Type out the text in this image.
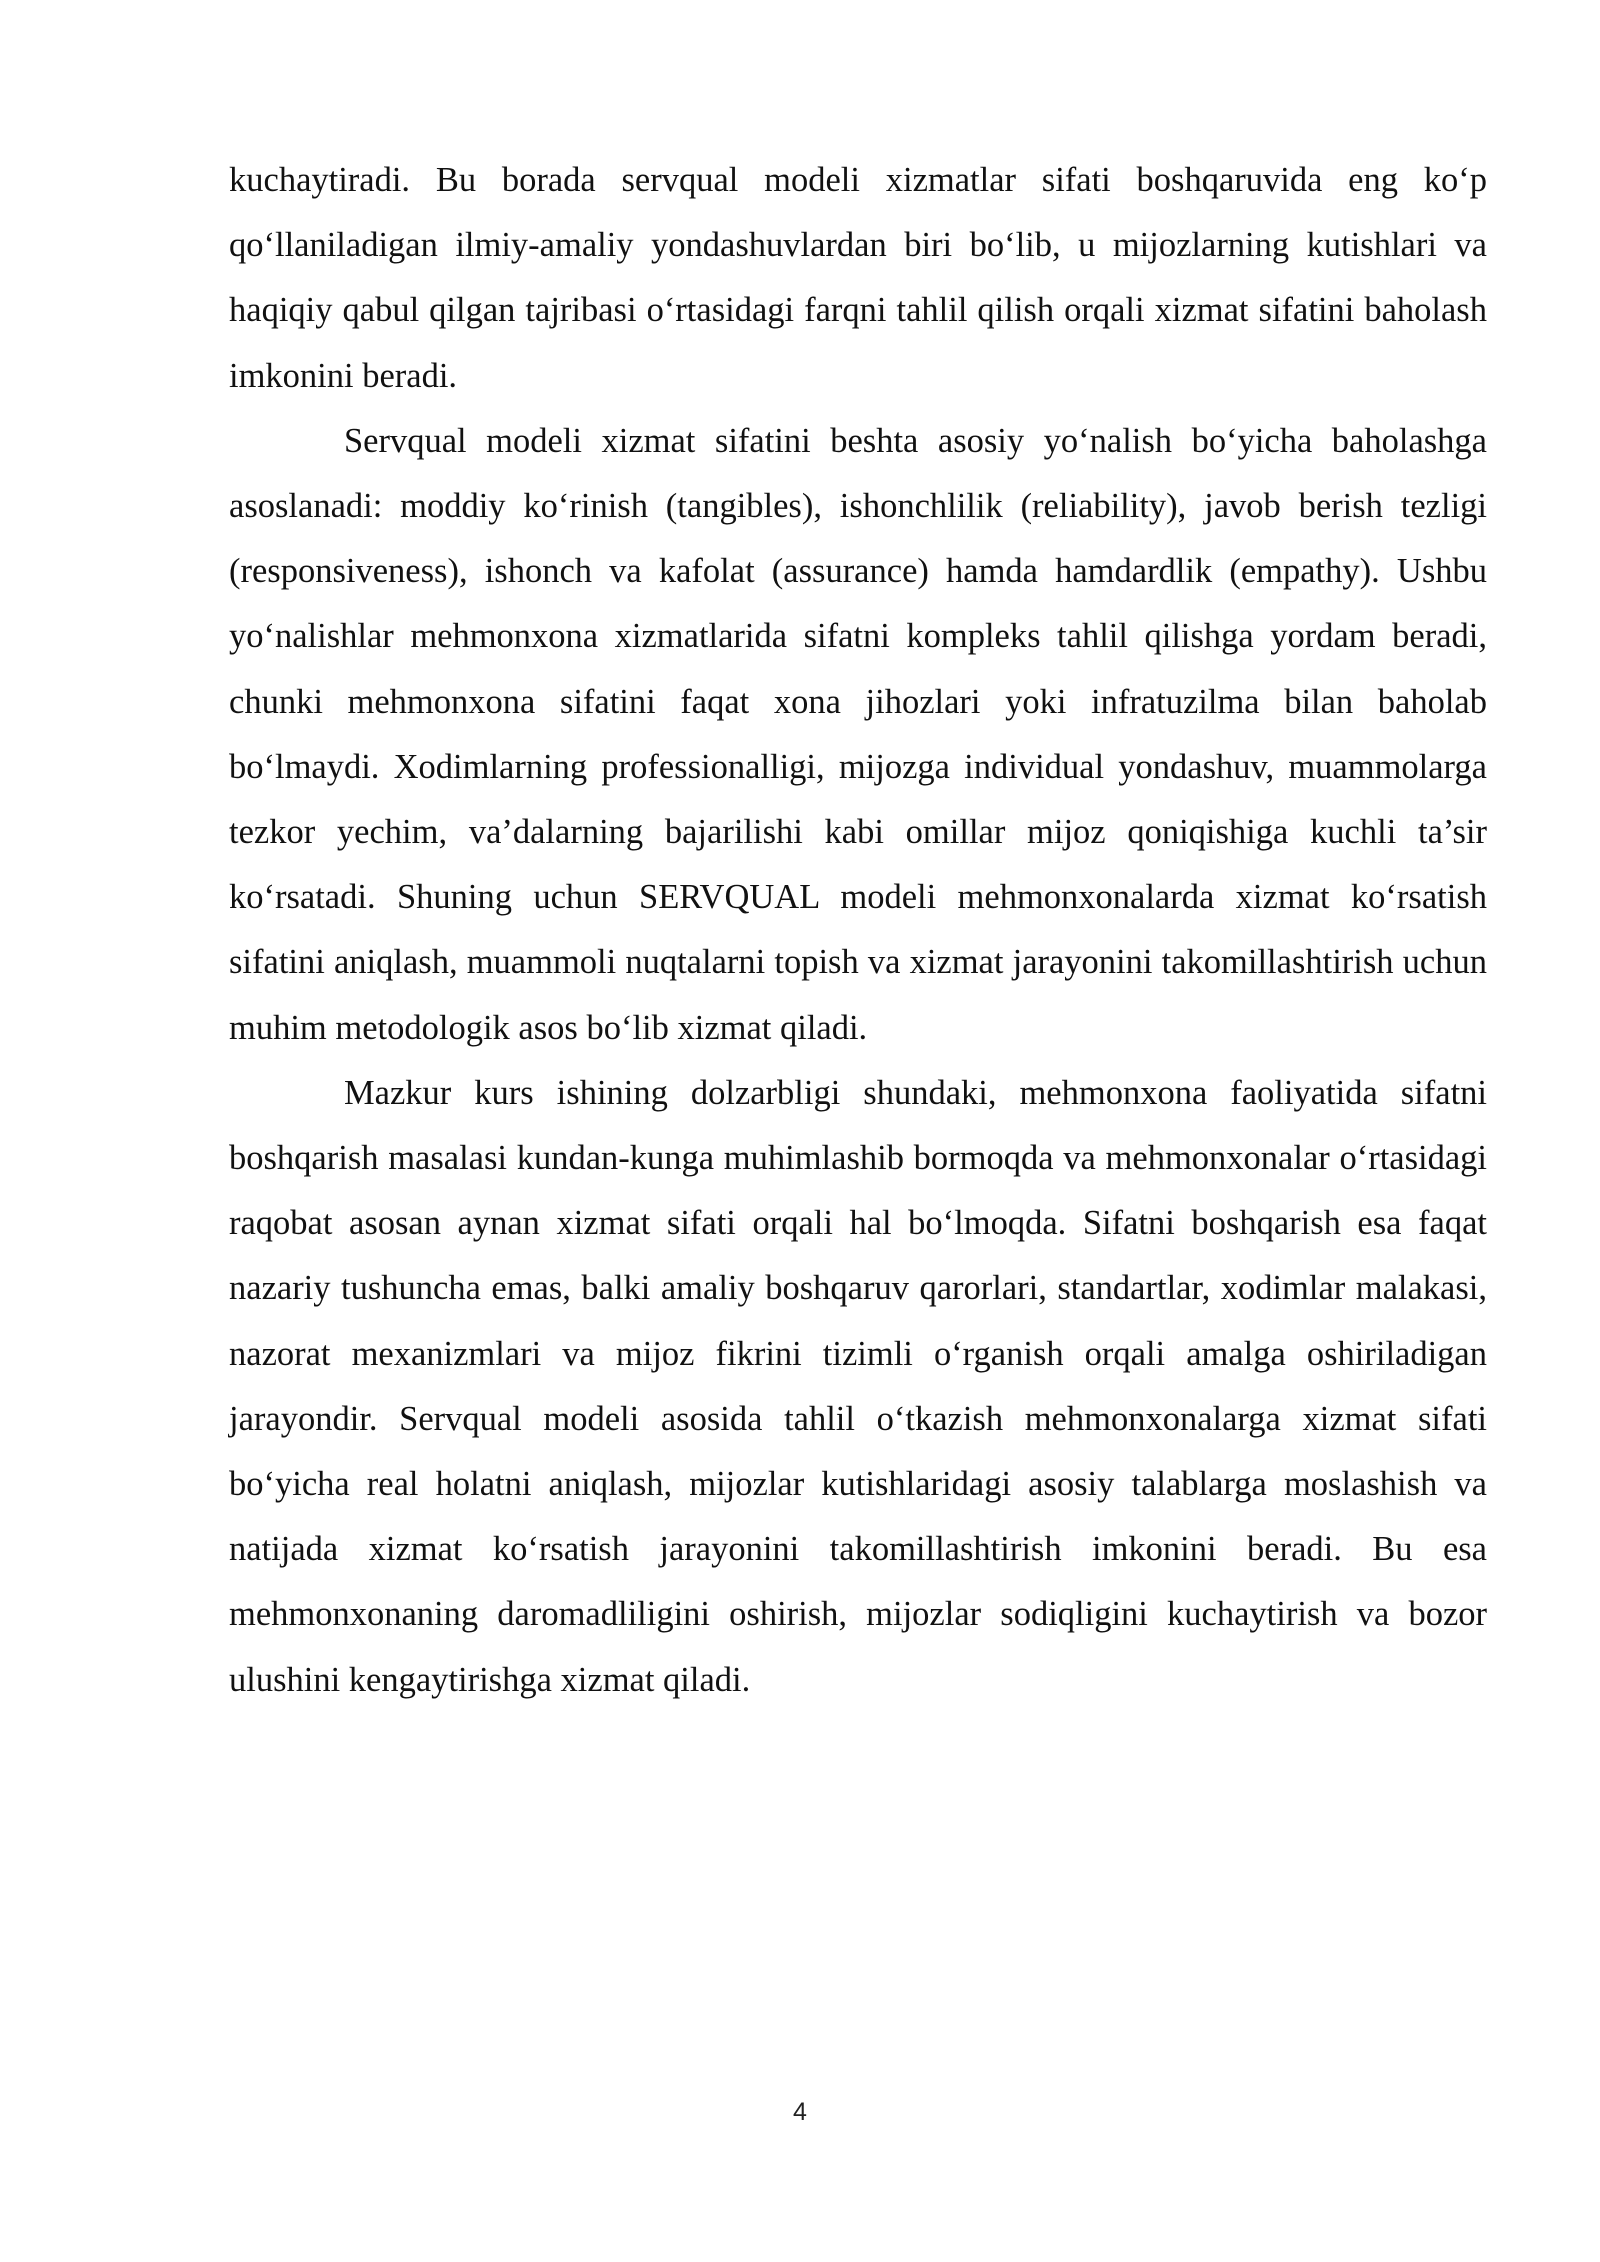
kuchaytiradi. Bu borada servqual modeli xizmatlar sifati boshqaruvida eng koʻp qoʻllaniladigan ilmiy-amaliy yondashuvlardan biri boʻlib, u mijozlarning kutishlari va haqiqiy qabul qilgan tajribasi oʻrtasidagi farqni tahlil qilish orqali xizmat sifatini baholash imkonini beradi.

Servqual modeli xizmat sifatini beshta asosiy yoʻnalish boʻyicha baholashga asoslanadi: moddiy koʻrinish (tangibles), ishonchlilik (reliability), javob berish tezligi (responsiveness), ishonch va kafolat (assurance) hamda hamdardlik (empathy). Ushbu yoʻnalishlar mehmonxona xizmatlarida sifatni kompleks tahlil qilishga yordam beradi, chunki mehmonxona sifatini faqat xona jihozlari yoki infratuzilma bilan baholab boʻlmaydi. Xodimlarning professionalligi, mijozga individual yondashuv, muammolarga tezkor yechim, va’dalarning bajarilishi kabi omillar mijoz qoniqishiga kuchli ta’sir koʻrsatadi. Shuning uchun SERVQUAL modeli mehmonxonalarda xizmat koʻrsatish sifatini aniqlash, muammoli nuqtalarni topish va xizmat jarayonini takomillashtirish uchun muhim metodologik asos boʻlib xizmat qiladi.

Mazkur kurs ishining dolzarbligi shundaki, mehmonxona faoliyatida sifatni boshqarish masalasi kundan-kunga muhimlashib bormoqda va mehmonxonalar oʻrtasidagi raqobat asosan aynan xizmat sifati orqali hal boʻlmoqda. Sifatni boshqarish esa faqat nazariy tushuncha emas, balki amaliy boshqaruv qarorlari, standartlar, xodimlar malakasi, nazorat mexanizmlari va mijoz fikrini tizimli oʻrganish orqali amalga oshiriladigan jarayondir. Servqual modeli asosida tahlil oʻtkazish mehmonxonalarga xizmat sifati boʻyicha real holatni aniqlash, mijozlar kutishlaridagi asosiy talablarga moslashish va natijada xizmat koʻrsatish jarayonini takomillashtirish imkonini beradi. Bu esa mehmonxonaning daromadliligini oshirish, mijozlar sodiqligini kuchaytirish va bozor ulushini kengaytirishga xizmat qiladi.

4
